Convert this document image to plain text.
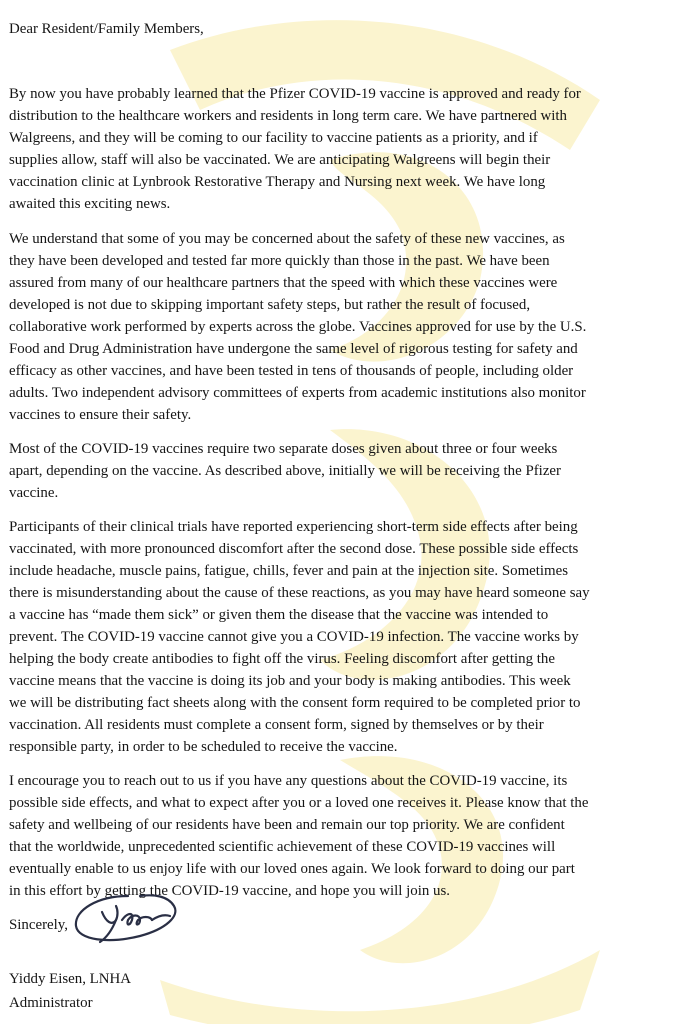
Dear Resident/Family Members,
By now you have probably learned that the Pfizer COVID-19 vaccine is approved and ready for
distribution to the healthcare workers and residents in long term care. We have partnered with
Walgreens, and they will be coming to our facility to vaccine patients as a priority, and if
supplies allow, staff will also be vaccinated. We are anticipating Walgreens will begin their
vaccination clinic at Lynbrook Restorative Therapy and Nursing next week. We have long
awaited this exciting news.
We understand that some of you may be concerned about the safety of these new vaccines, as
they have been developed and tested far more quickly than those in the past. We have been
assured from many of our healthcare partners that the speed with which these vaccines were
developed is not due to skipping important safety steps, but rather the result of focused,
collaborative work performed by experts across the globe. Vaccines approved for use by the U.S.
Food and Drug Administration have undergone the same level of rigorous testing for safety and
efficacy as other vaccines, and have been tested in tens of thousands of people, including older
adults. Two independent advisory committees of experts from academic institutions also monitor
vaccines to ensure their safety.
Most of the COVID-19 vaccines require two separate doses given about three or four weeks
apart, depending on the vaccine. As described above, initially we will be receiving the Pfizer
vaccine.
Participants of their clinical trials have reported experiencing short-term side effects after being
vaccinated, with more pronounced discomfort after the second dose. These possible side effects
include headache, muscle pains, fatigue, chills, fever and pain at the injection site. Sometimes
there is misunderstanding about the cause of these reactions, as you may have heard someone say
a vaccine has “made them sick” or given them the disease that the vaccine was intended to
prevent. The COVID-19 vaccine cannot give you a COVID-19 infection. The vaccine works by
helping the body create antibodies to fight off the virus. Feeling discomfort after getting the
vaccine means that the vaccine is doing its job and your body is making antibodies. This week
we will be distributing fact sheets along with the consent form required to be completed prior to
vaccination. All residents must complete a consent form, signed by themselves or by their
responsible party, in order to be scheduled to receive the vaccine.
I encourage you to reach out to us if you have any questions about the COVID-19 vaccine, its
possible side effects, and what to expect after you or a loved one receives it. Please know that the
safety and wellbeing of our residents have been and remain our top priority. We are confident
that the worldwide, unprecedented scientific achievement of these COVID-19 vaccines will
eventually enable to us enjoy life with our loved ones again. We look forward to doing our part
in this effort by getting the COVID-19 vaccine, and hope you will join us.
Sincerely,
Yiddy Eisen, LNHA
Administrator
